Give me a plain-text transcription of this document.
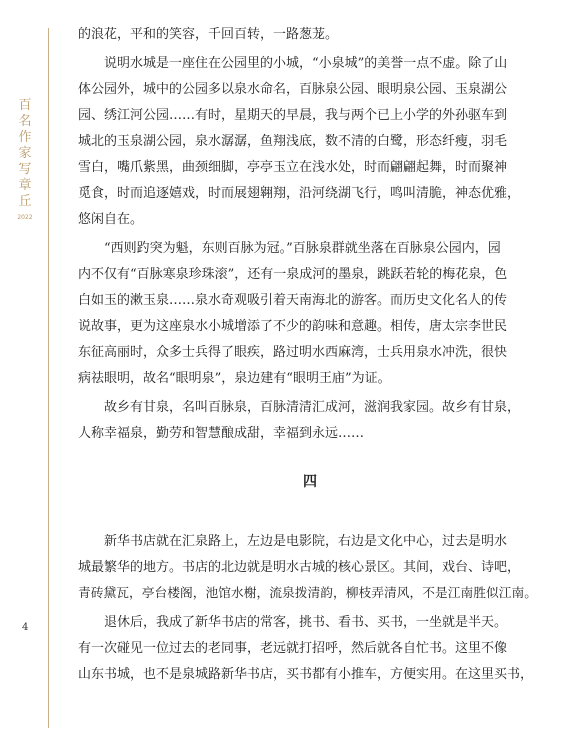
百名作家写章丘
2022
4
的浪花，平和的笑容，千回百转，一路葱茏。
　　说明水城是一座住在公园里的小城，“小泉城”的美誉一点不虚。除了山
体公园外，城中的公园多以泉水命名，百脉泉公园、眼明泉公园、玉泉湖公
园、绣江河公园……有时，星期天的早晨，我与两个已上小学的外孙驱车到
城北的玉泉湖公园，泉水潺潺，鱼翔浅底，数不清的白鹭，形态纤瘦，羽毛
雪白，嘴爪紫黑，曲颈细脚，亭亭玉立在浅水处，时而翩翩起舞，时而聚神
觅食，时而追逐嬉戏，时而展翅翱翔，沿河绕湖飞行，鸣叫清脆，神态优雅，
悠闲自在。
　　“西则趵突为魁，东则百脉为冠。”百脉泉群就坐落在百脉泉公园内，园
内不仅有“百脉寒泉珍珠滚”，还有一泉成河的墨泉，跳跃若轮的梅花泉，色
白如玉的漱玉泉……泉水奇观吸引着天南海北的游客。而历史文化名人的传
说故事，更为这座泉水小城增添了不少的韵味和意趣。相传，唐太宗李世民
东征高丽时，众多士兵得了眼疾，路过明水西麻湾，士兵用泉水冲洗，很快
病祛眼明，故名“眼明泉”，泉边建有“眼明王庙”为证。
　　故乡有甘泉，名叫百脉泉，百脉清清汇成河，滋润我家园。故乡有甘泉，
人称幸福泉，勤劳和智慧酿成甜，幸福到永远……
四
　　新华书店就在汇泉路上，左边是电影院，右边是文化中心，过去是明水
城最繁华的地方。书店的北边就是明水古城的核心景区。其间，戏台、诗吧，
青砖黛瓦，亭台楼阁，池馆水榭，流泉拨清韵，柳枝弄清风，不是江南胜似江南。
　　退休后，我成了新华书店的常客，挑书、看书、买书，一坐就是半天。
有一次碰见一位过去的老同事，老远就打招呼，然后就各自忙书。这里不像
山东书城，也不是泉城路新华书店，买书都有小推车，方便实用。在这里买书，
